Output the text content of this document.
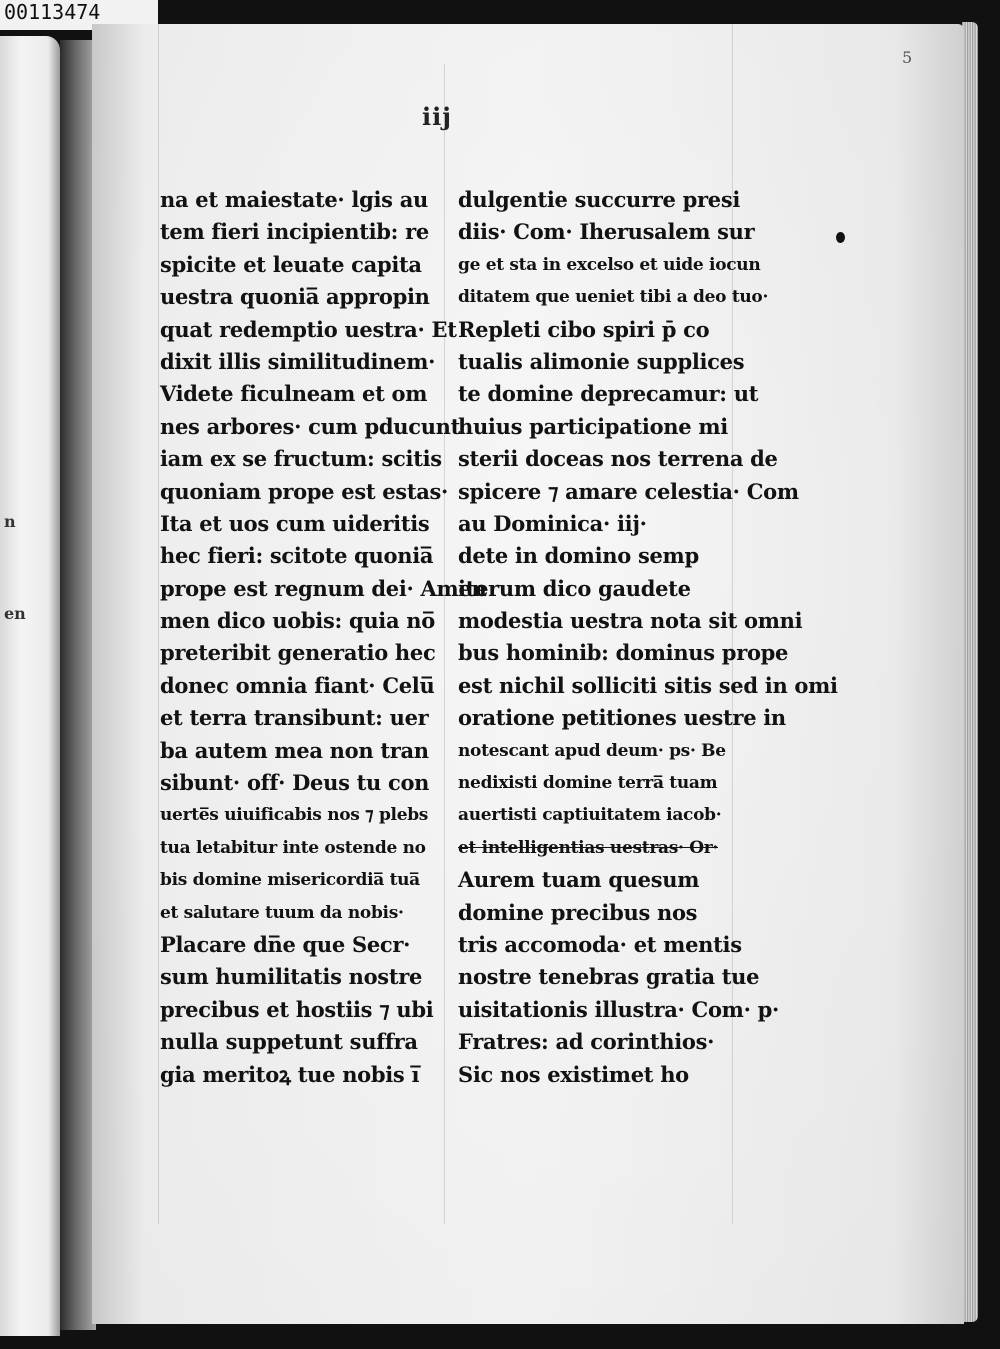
00113474
n
en
iij
5
na et maiestate· lgis au
tem fieri incipientib: re
spicite et leuate capita
uestra quonia̅ appropin
quat redemptio uestra· Et
dixit illis similitudinem·
Videte ficulneam et om
nes arbores· cum pducunt
iam ex se fructum: scitis
quoniam prope est estas·
Ita et uos cum uideritis
hec fieri: scitote quonia̅
prope est regnum dei· Amen
men dico uobis: quia no̅
preteribit generatio hec
donec omnia fiant· Celu̅
et terra transibunt: uer
ba autem mea non tran
sibunt· off· Deus tu con
uerte̅s uiuificabis nos ⁊ plebs
tua letabitur inte ostende no
bis domine misericordia̅ tua̅
et salutare tuum da nobis·
Placare dn̅e que Secr·
sum humilitatis nostre
precibus et hostiis ⁊ ubi
nulla suppetunt suffra
gia meritoꝝ tue nobis i̅
dulgentie succurre presi
diis· Com· Iherusalem sur
ge et sta in excelso et uide iocun
ditatem que ueniet tibi a deo tuo·
Repleti cibo spiri p̄ co
tualis alimonie supplices
te domine deprecamur: ut
huius participatione mi
sterii doceas nos terrena de
spicere ⁊ amare celestia· Com
au Dominica· iij·
dete in domino semp
iterum dico gaudete
modestia uestra nota sit omni
bus hominib: dominus prope
est nichil solliciti sitis sed in omi
oratione petitiones uestre in
notescant apud deum· ps· Be
nedixisti domine terra̅ tuam
auertisti captiuitatem iacob·
et intelligentias uestras· Or·
Aurem tuam quesum
domine precibus nos
tris accomoda· et mentis
nostre tenebras gratia tue
uisitationis illustra· Com· p·
Fratres: ad corinthios·
Sic nos existimet ho
